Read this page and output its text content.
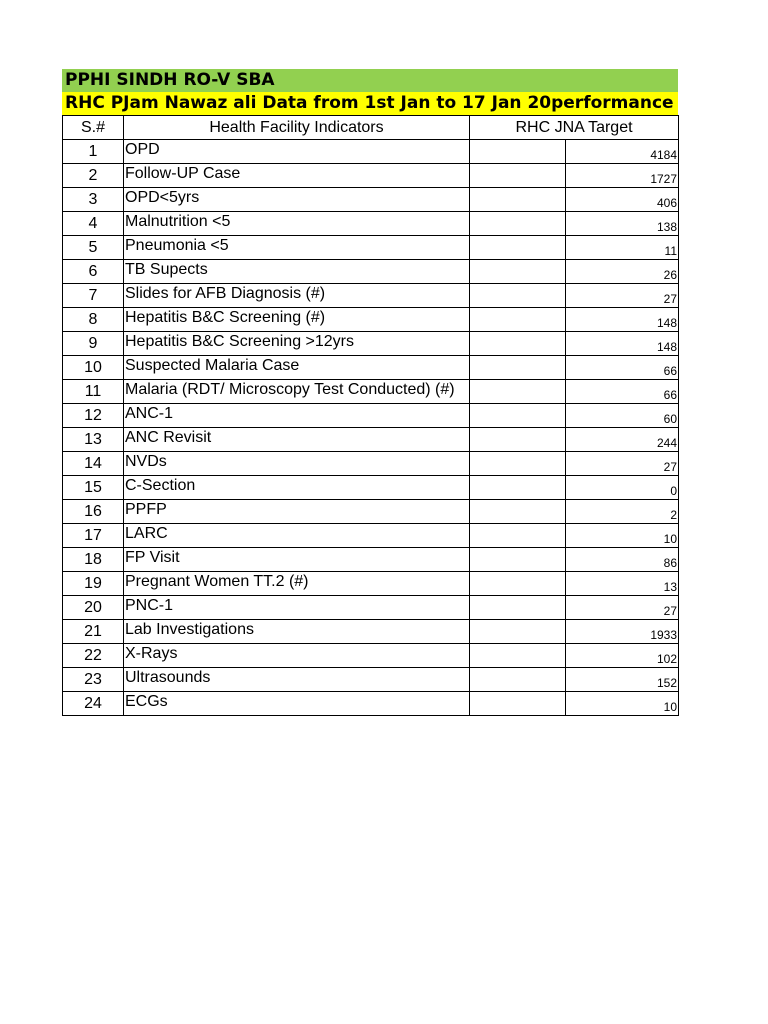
PPHI SINDH RO-V SBA
RHC PJam Nawaz ali Data from 1st Jan to 17 Jan 20performance
S.#	Health Facility Indicators	RHC JNA Target	
1	OPD		4184
2	Follow-UP Case		1727
3	OPD<5yrs		406
4	Malnutrition <5		138
5	Pneumonia <5		11
6	TB Supects		26
7	Slides for AFB Diagnosis (#)		27
8	Hepatitis B&C Screening (#)		148
9	Hepatitis B&C Screening >12yrs		148
10	Suspected Malaria Case		66
11	Malaria (RDT/ Microscopy Test Conducted) (#)		66
12	ANC-1		60
13	ANC Revisit		244
14	NVDs		27
15	C-Section		0
16	PPFP		2
17	LARC		10
18	FP Visit		86
19	Pregnant Women TT.2 (#)		13
20	PNC-1		27
21	Lab Investigations		1933
22	X-Rays		102
23	Ultrasounds		152
24	ECGs		10
